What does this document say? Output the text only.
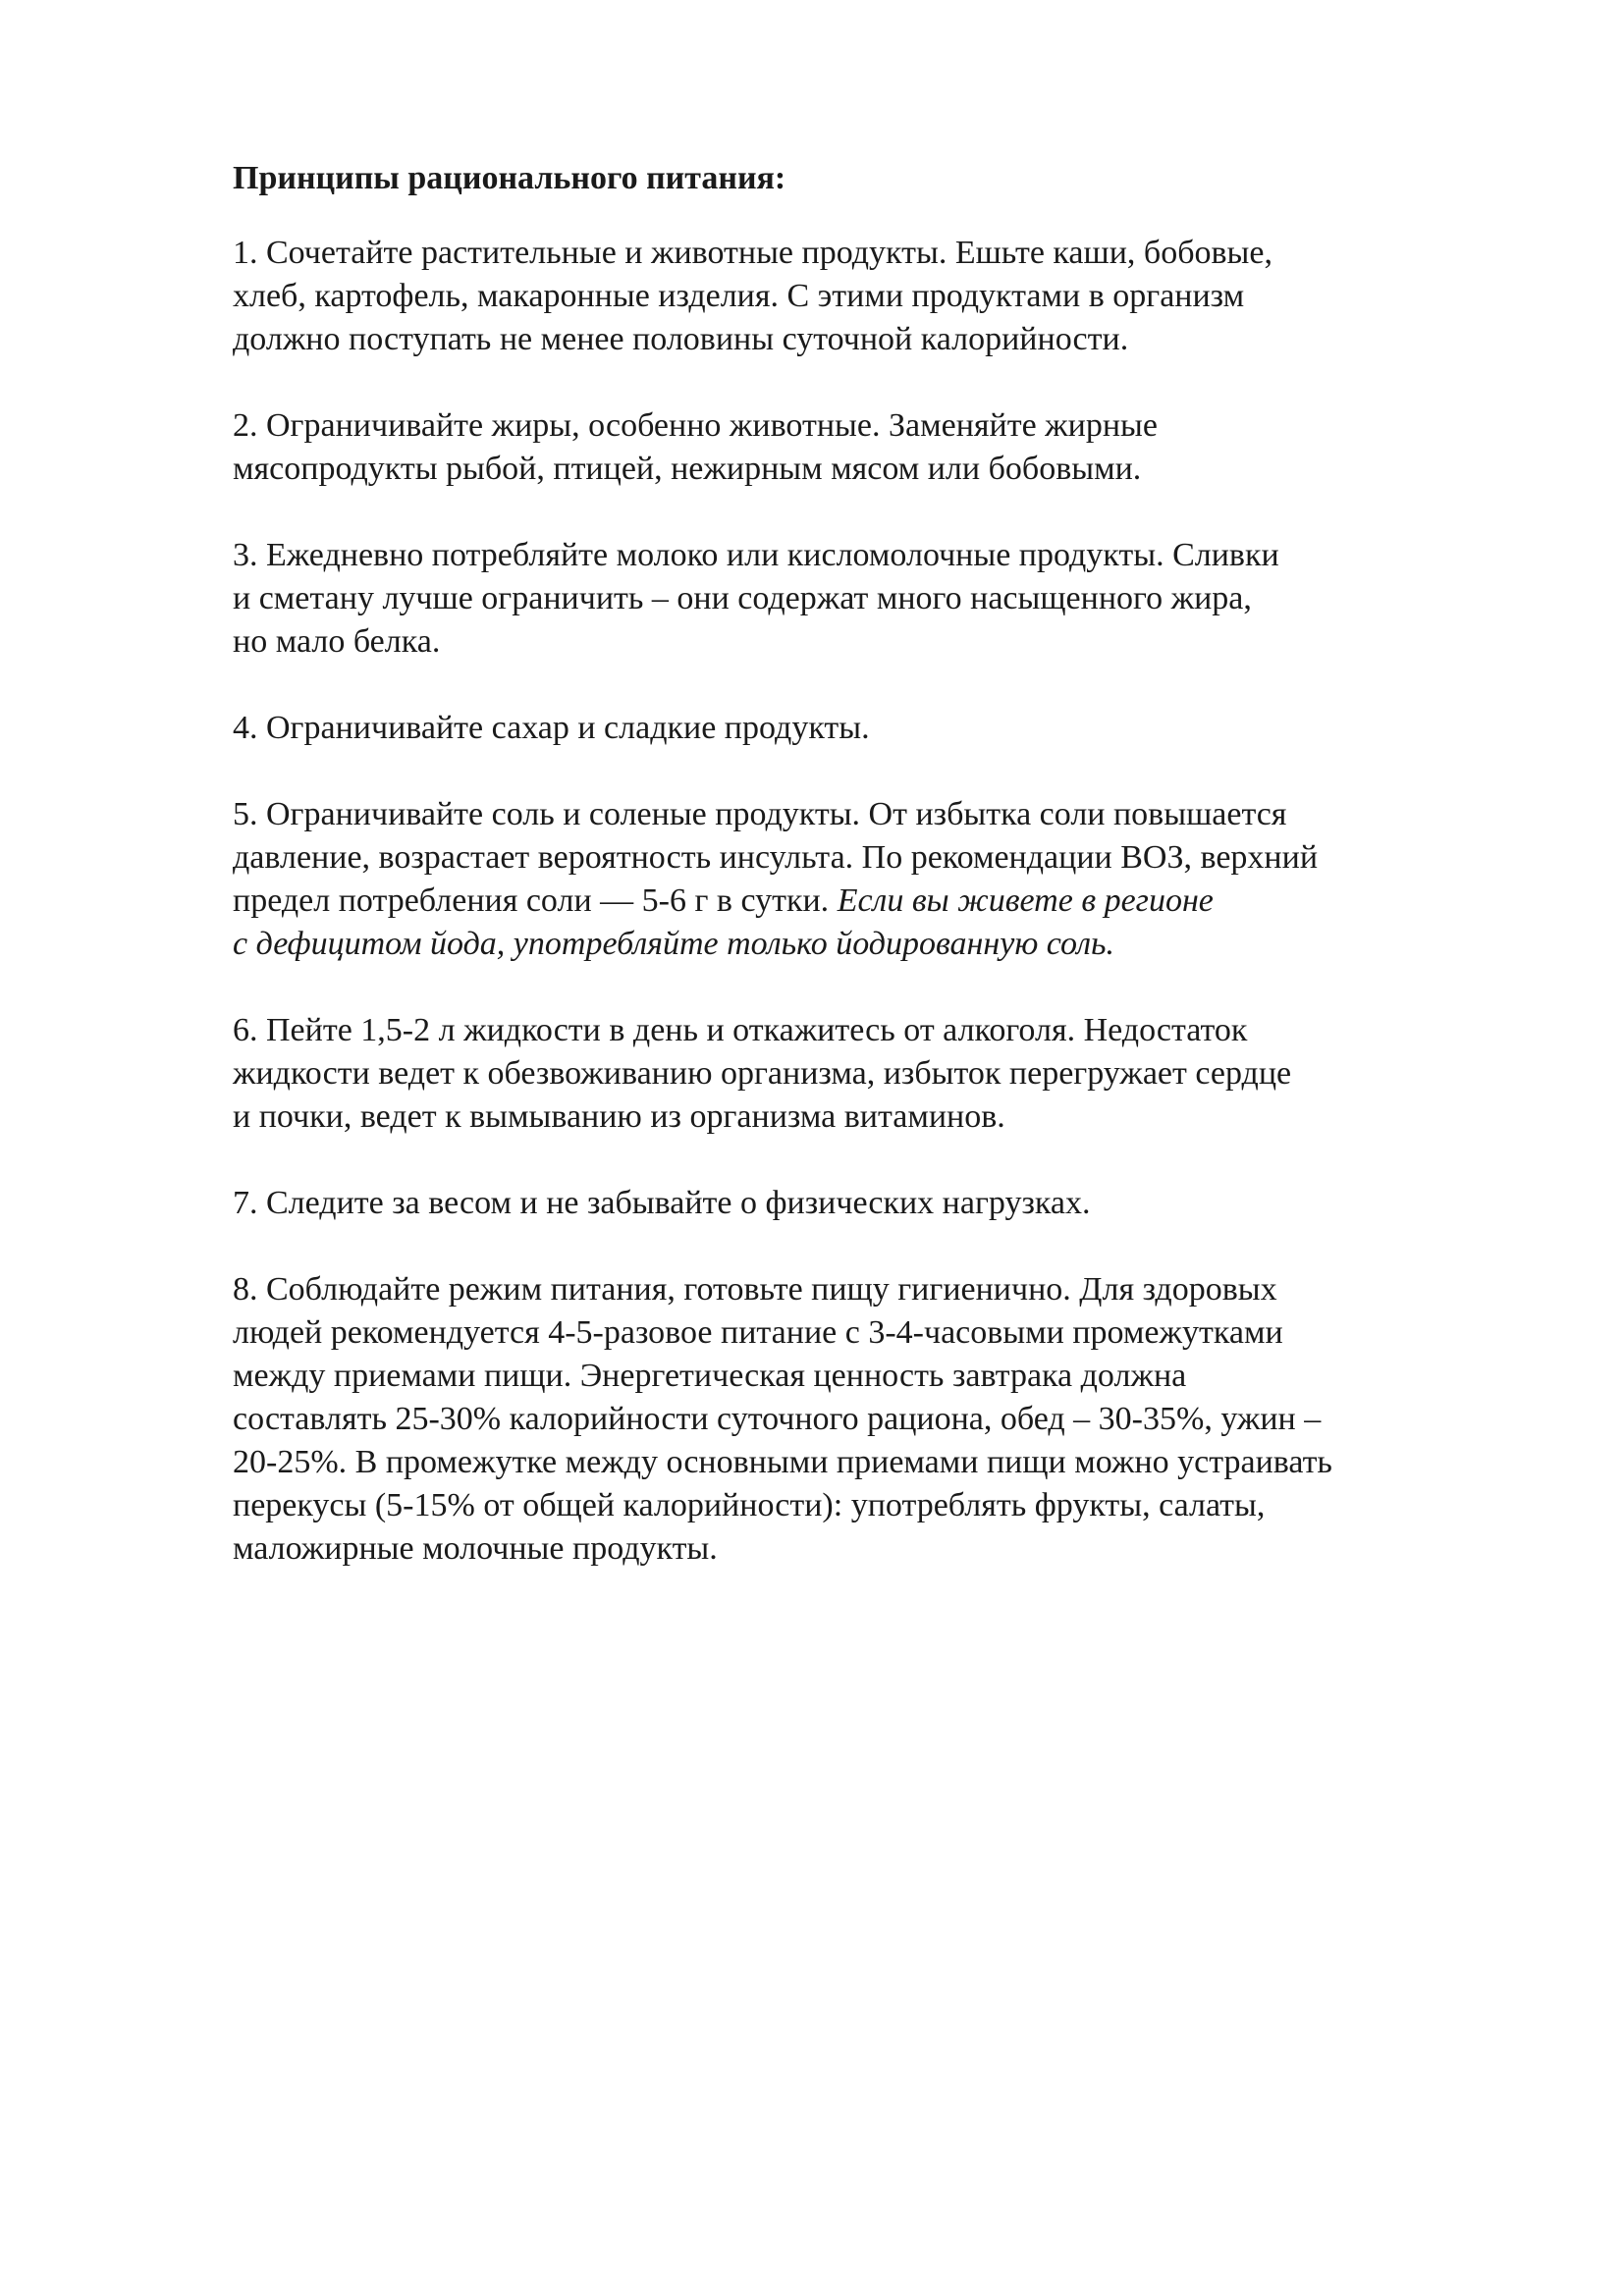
Принципы рационального питания:
1. Сочетайте растительные и животные продукты. Ешьте каши, бобовые,
хлеб, картофель, макаронные изделия. С этими продуктами в организм
должно поступать не менее половины суточной калорийности.
2. Ограничивайте жиры, особенно животные. Заменяйте жирные
мясопродукты рыбой, птицей, нежирным мясом или бобовыми.
3. Ежедневно потребляйте молоко или кисломолочные продукты. Сливки
и сметану лучше ограничить – они содержат много насыщенного жира,
но мало белка.
4. Ограничивайте сахар и сладкие продукты.
5. Ограничивайте соль и соленые продукты. От избытка соли повышается
давление, возрастает вероятность инсульта. По рекомендации ВОЗ, верхний
предел потребления соли — 5-6 г в сутки. Если вы живете в регионе
с дефицитом йода, употребляйте только йодированную соль.
6. Пейте 1,5-2 л жидкости в день и откажитесь от алкоголя. Недостаток
жидкости ведет к обезвоживанию организма, избыток перегружает сердце
и почки, ведет к вымыванию из организма витаминов.
7. Следите за весом и не забывайте о физических нагрузках.
8. Соблюдайте режим питания, готовьте пищу гигиенично. Для здоровых
людей рекомендуется 4-5-разовое питание с 3-4-часовыми промежутками
между приемами пищи. Энергетическая ценность завтрака должна
составлять 25-30% калорийности суточного рациона, обед – 30-35%, ужин –
20-25%. В промежутке между основными приемами пищи можно устраивать
перекусы (5-15% от общей калорийности): употреблять фрукты, салаты,
маложирные молочные продукты.
